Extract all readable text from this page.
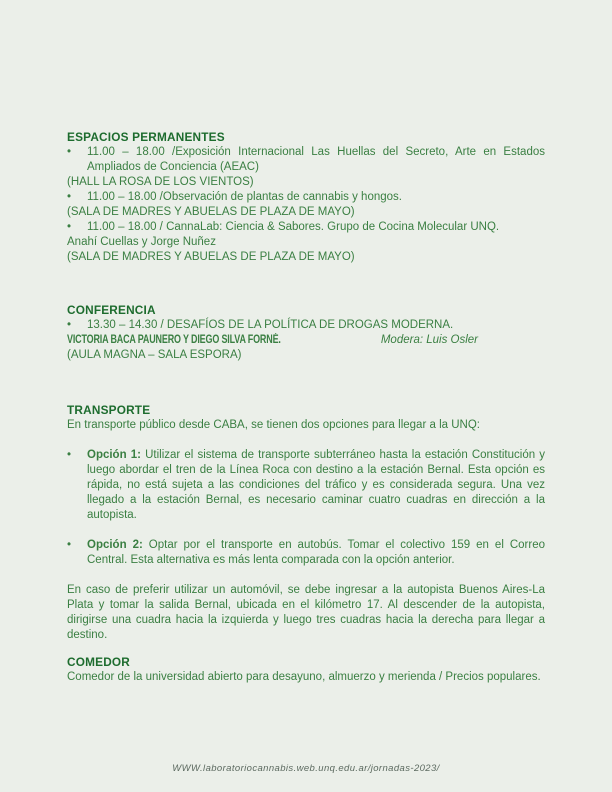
ESPACIOS PERMANENTES
•	11.00 – 18.00 /Exposición Internacional Las Huellas del Secreto, Arte en Estados Ampliados de Conciencia (AEAC)

(HALL LA ROSA DE LOS VIENTOS)

•	11.00 – 18.00 /Observación de plantas de cannabis y hongos.

(SALA DE MADRES Y ABUELAS DE PLAZA DE MAYO)

•	11.00 – 18.00 / CannaLab: Ciencia & Sabores. Grupo de Cocina Molecular UNQ.

Anahí Cuellas y Jorge Nuñez

(SALA DE MADRES Y ABUELAS DE PLAZA DE MAYO)

CONFERENCIA
•	13.30 – 14.30 / DESAFÍOS DE LA POLÍTICA DE DROGAS MODERNA.
VICTORIA BACA PAUNERO Y DIEGO SILVA FORNÉ.	Modera: Luis Osler

(AULA MAGNA – SALA ESPORA)

TRANSPORTE

En transporte público desde CABA, se tienen dos opciones para llegar a la UNQ:

•	Opción 1: Utilizar el sistema de transporte subterráneo hasta la estación Constitución y luego abordar el tren de la Línea Roca con destino a la estación Bernal. Esta opción es rápida, no está sujeta a las condiciones del tráfico y es considerada segura. Una vez llegado a la estación Bernal, es necesario caminar cuatro cuadras en dirección a la autopista.
•	Opción 2: Optar por el transporte en autobús. Tomar el colectivo 159 en el Correo Central. Esta alternativa es más lenta comparada con la opción anterior.

En caso de preferir utilizar un automóvil, se debe ingresar a la autopista Buenos Aires-La Plata y tomar la salida Bernal, ubicada en el kilómetro 17. Al descender de la autopista, dirigirse una cuadra hacia la izquierda y luego tres cuadras hacia la derecha para llegar a destino.

COMEDOR

Comedor de la universidad abierto para desayuno, almuerzo y merienda / Precios populares.

WWW.laboratoriocannabis.web.unq.edu.ar/jornadas-2023/
